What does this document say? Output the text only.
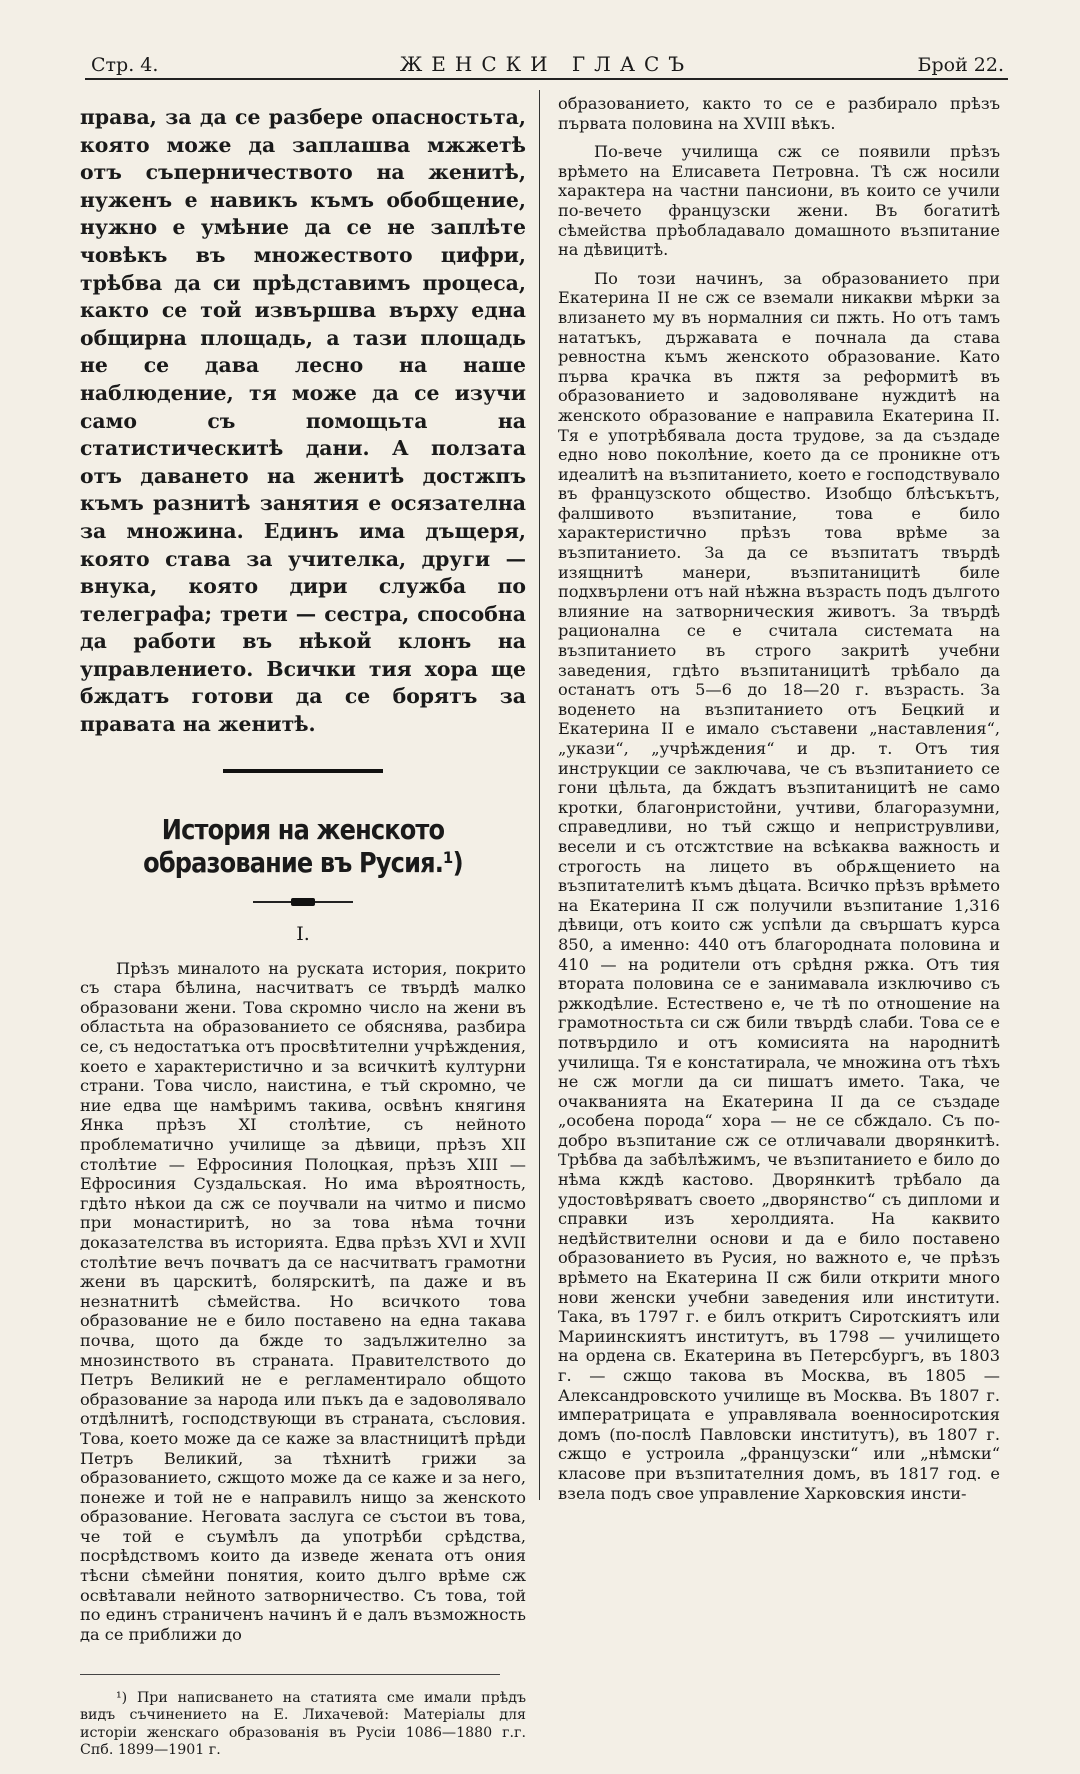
Стр. 4.	ЖЕНСКИ ГЛАСЪ	Брой 22.

права, за да се разбере опасностьта, която може да заплашва мжжетѣ отъ съперничеството на женитѣ, нуженъ е навикъ къмъ обобщение, нужно е умѣние да се не заплѣте човѣкъ въ множеството цифри, трѣбва да си прѣдставимъ процеса, както се той извършва върху една общирна площадь, а тази площадь не се дава лесно на наше наблюдение, тя може да се изучи само съ помощьта на статистическитѣ дани. А ползата отъ даването на женитѣ достжпъ къмъ разнитѣ занятия е осязателна за множина. Единъ има дъщеря, която става за учителка, други — внука, която дири служба по телеграфа; трети — сестра, способна да работи въ нѣкой клонъ на управлението. Всички тия хора ще бждатъ готови да се борятъ за правата на женитѣ.

История на женското образование въ Русия.¹)
I.

Прѣзъ миналото на руската история, покрито съ стара бѣлина, насчитватъ се твърдѣ малко образовани жени. Това скромно число на жени въ областьта на образованието се обяснява, разбира се, съ недостатъка отъ просвѣтителни учрѣждения, което е характеристично и за всичкитѣ културни страни. Това число, наистина, е тъй скромно, че ние едва ще намѣримъ такива, освѣнъ княгиня Янка прѣзъ XI столѣтие, съ нейното проблематично училище за дѣвици, прѣзъ XII столѣтие — Ефросиния Полоцкая, прѣзъ XIII — Ефросиния Суздальская. Но има вѣроятность, гдѣто нѣкои да сж се поучвали на читмо и писмо при монастиритѣ, но за това нѣма точни доказателства въ историята. Едва прѣзъ XVI и XVII столѣтие вечъ почватъ да се насчитватъ грамотни жени въ царскитѣ, болярскитѣ, па даже и въ незнатнитѣ сѣмейства. Но всичкото това образование не е било поставено на една такава почва, щото да бжде то задължително за мнозинството въ страната. Правителството до Петръ Великий не е регламентирало общото образование за народа или пъкъ да е задоволявало отдѣлнитѣ, господствующи въ страната, съсловия. Това, което може да се каже за властницитѣ прѣди Петръ Великий, за тѣхнитѣ грижи за образованието, сжщото може да се каже и за него, понеже и той не е направилъ нищо за женското образование. Неговата заслуга се състои въ това, че той е съумѣлъ да употрѣби срѣдства, посрѣдствомъ които да изведе жената отъ ония тѣсни сѣмейни понятия, които дълго врѣме сж освѣтавали нейното затворничество. Съ това, той по единъ страниченъ начинъ й е далъ възможность да се приближи до

¹) При написването на статията сме имали прѣдъ видъ съчинението на Е. Лихачевой: Матеріалы для исторіи женскаго образованія въ Русіи 1086—1880 г.г. Спб. 1899—1901 г.

образованието, както то се е разбирало прѣзъ първата половина на XVIII вѣкъ.

По-вече училища сж се появили прѣзъ врѣмето на Елисавета Петровна. Тѣ сж носили характера на частни пансиони, въ които се учили по-вечето французски жени. Въ богатитѣ сѣмейства прѣобладавало домашното възпитание на дѣвицитѣ.

По този начинъ, за образованието при Екатерина II не сж се вземали никакви мѣрки за влизането му въ нормалния си пжть. Но отъ тамъ нататъкъ, държавата е почнала да става ревностна къмъ женското образование. Като първа крачка въ пжтя за реформитѣ въ образованието и задоволяване нуждитѣ на женското образование е направила Екатерина II. Тя е употрѣбявала доста трудове, за да създаде едно ново поколѣние, което да се проникне отъ идеалитѣ на възпитанието, което е господствувало въ французското общество. Изобщо блѣсъкътъ, фалшивото възпитание, това е било характеристично прѣзъ това врѣме за възпитанието. За да се възпитатъ твърдѣ изящнитѣ манери, възпитаницитѣ биле подхвърлени отъ най нѣжна възрасть подъ дългото влияние на затворническия животъ. За твърдѣ рационална се е считала системата на възпитанието въ строго закритѣ учебни заведения, гдѣто възпитаницитѣ трѣбало да останатъ отъ 5—6 до 18—20 г. възрасть. За воденето на възпитанието отъ Бецкий и Екатерина II е имало съставени „наставления“, „укази“, „учрѣждения“ и др. т. Отъ тия инструкции се заключава, че съ възпитанието се гони цѣльта, да бждатъ възпитаницитѣ не само кротки, благонристойни, учтиви, благоразумни, справедливи, но тъй сжщо и неприструвливи, весели и съ отсжтствие на всѣкаква важность и строгость на лицето въ обрѫщението на възпитателитѣ къмъ дѣцата. Всичко прѣзъ врѣмето на Екатерина II сж получили възпитание 1,316 дѣвици, отъ които сж успѣли да свършатъ курса 850, а именно: 440 отъ благородната половина и 410 — на родители отъ срѣдня ржка. Отъ тия втората половина се е занимавала изключиво съ ржкодѣлие. Естествено е, че тѣ по отношение на грамотностьта си сж били твърдѣ слаби. Това се е потвърдило и отъ комисията на народнитѣ училища. Тя е констатирала, че множина отъ тѣхъ не сж могли да си пишатъ името. Така, че очакванията на Екатерина II да се създаде „особена порода“ хора — не се сбждало. Съ по-добро възпитание сж се отличавали дворянкитѣ. Трѣбва да забѣлѣжимъ, че възпитанието е било до нѣма кждѣ кастово. Дворянкитѣ трѣбало да удостовѣряватъ своето „дворянство“ съ дипломи и справки изъ херолдията. На каквито недѣйствителни основи и да е било поставено образованието въ Русия, но важното е, че прѣзъ врѣмето на Екатерина II сж били открити много нови женски учебни заведения или институти. Така, въ 1797 г. е билъ откритъ Сиротскиятъ или Мариинскиятъ институтъ, въ 1798 — училището на ордена св. Екатерина въ Петерсбургъ, въ 1803 г. — сжщо такова въ Москва, въ 1805 — Александровското училище въ Москва. Въ 1807 г. императрицата е управлявала военносиротския домъ (по-послѣ Павловски институтъ), въ 1807 г. сжщо е устроила „французски“ или „нѣмски“ класове при възпитателния домъ, въ 1817 год. е взела подъ свое управление Харковския инсти-
